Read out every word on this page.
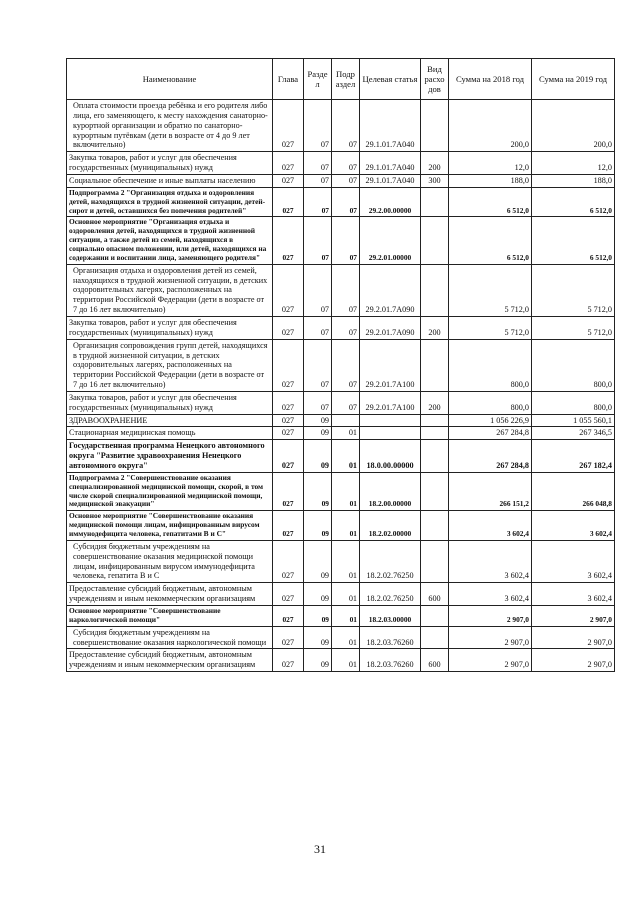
Наименование	Глава	Разде л	Подр аздел	Целевая статья	Вид расхо дов	Сумма на 2018 год	Сумма на 2019 год
Оплата стоимости проезда ребёнка и его родителя либо лица, его заменяющего, к месту нахождения санаторно-курортной организации и обратно по санаторно-курортным путёвкам (дети в возрасте от 4 до 9 лет включительно)	027	07	07	29.1.01.7А040		200,0	200,0
Закупка товаров, работ и услуг для обеспечения государственных (муниципальных) нужд	027	07	07	29.1.01.7А040	200	12,0	12,0
Социальное обеспечение и иные выплаты населению	027	07	07	29.1.01.7А040	300	188,0	188,0
Подпрограмма 2 "Организация отдыха и оздоровления детей, находящихся в трудной жизненной ситуации, детей-сирот и детей, оставшихся без попечения родителей"	027	07	07	29.2.00.00000		6 512,0	6 512,0
Основное мероприятие "Организация отдыха и оздоровления детей, находящихся в трудной жизненной ситуации, а также детей из семей, находящихся в социально опасном положении, или детей, находящихся на содержании и воспитании лица, заменяющего родителя"	027	07	07	29.2.01.00000		6 512,0	6 512,0
Организация отдыха и оздоровления детей из семей, находящихся в трудной жизненной ситуации, в детских оздоровительных лагерях, расположенных на территории Российской Федерации (дети в возрасте от 7 до 16 лет включительно)	027	07	07	29.2.01.7А090		5 712,0	5 712,0
Закупка товаров, работ и услуг для обеспечения государственных (муниципальных) нужд	027	07	07	29.2.01.7А090	200	5 712,0	5 712,0
Организация сопровождения групп детей, находящихся в трудной жизненной ситуации, в детских оздоровительных лагерях, расположенных на территории Российской Федерации (дети в возрасте от 7 до 16 лет включительно)	027	07	07	29.2.01.7А100		800,0	800,0
Закупка товаров, работ и услуг для обеспечения государственных (муниципальных) нужд	027	07	07	29.2.01.7А100	200	800,0	800,0
ЗДРАВООХРАНЕНИЕ	027	09				1 056 226,9	1 055 560,1
Стационарная медицинская помощь	027	09	01			267 284,8	267 346,5
Государственная программа Ненецкого автономного округа "Развитие здравоохранения Ненецкого автономного округа"	027	09	01	18.0.00.00000		267 284,8	267 182,4
Подпрограмма 2 "Совершенствование оказания специализированной медицинской помощи, скорой, в том числе скорой специализированной медицинской помощи, медицинской эвакуации"	027	09	01	18.2.00.00000		266 151,2	266 048,8
Основное мероприятие "Совершенствование оказания медицинской помощи лицам, инфицированным вирусом иммунодефицита человека, гепатитами В и С"	027	09	01	18.2.02.00000		3 602,4	3 602,4
Субсидия бюджетным учреждениям на совершенствование оказания медицинской помощи лицам, инфицированным вирусом иммунодефицита человека, гепатита В и С	027	09	01	18.2.02.76250		3 602,4	3 602,4
Предоставление субсидий бюджетным, автономным учреждениям и иным некоммерческим организациям	027	09	01	18.2.02.76250	600	3 602,4	3 602,4
Основное мероприятие "Совершенствование наркологической помощи"	027	09	01	18.2.03.00000		2 907,0	2 907,0
Субсидия бюджетным учреждениям на совершенствование оказания наркологической помощи	027	09	01	18.2.03.76260		2 907,0	2 907,0
Предоставление субсидий бюджетным, автономным учреждениям и иным некоммерческим организациям	027	09	01	18.2.03.76260	600	2 907,0	2 907,0
31
